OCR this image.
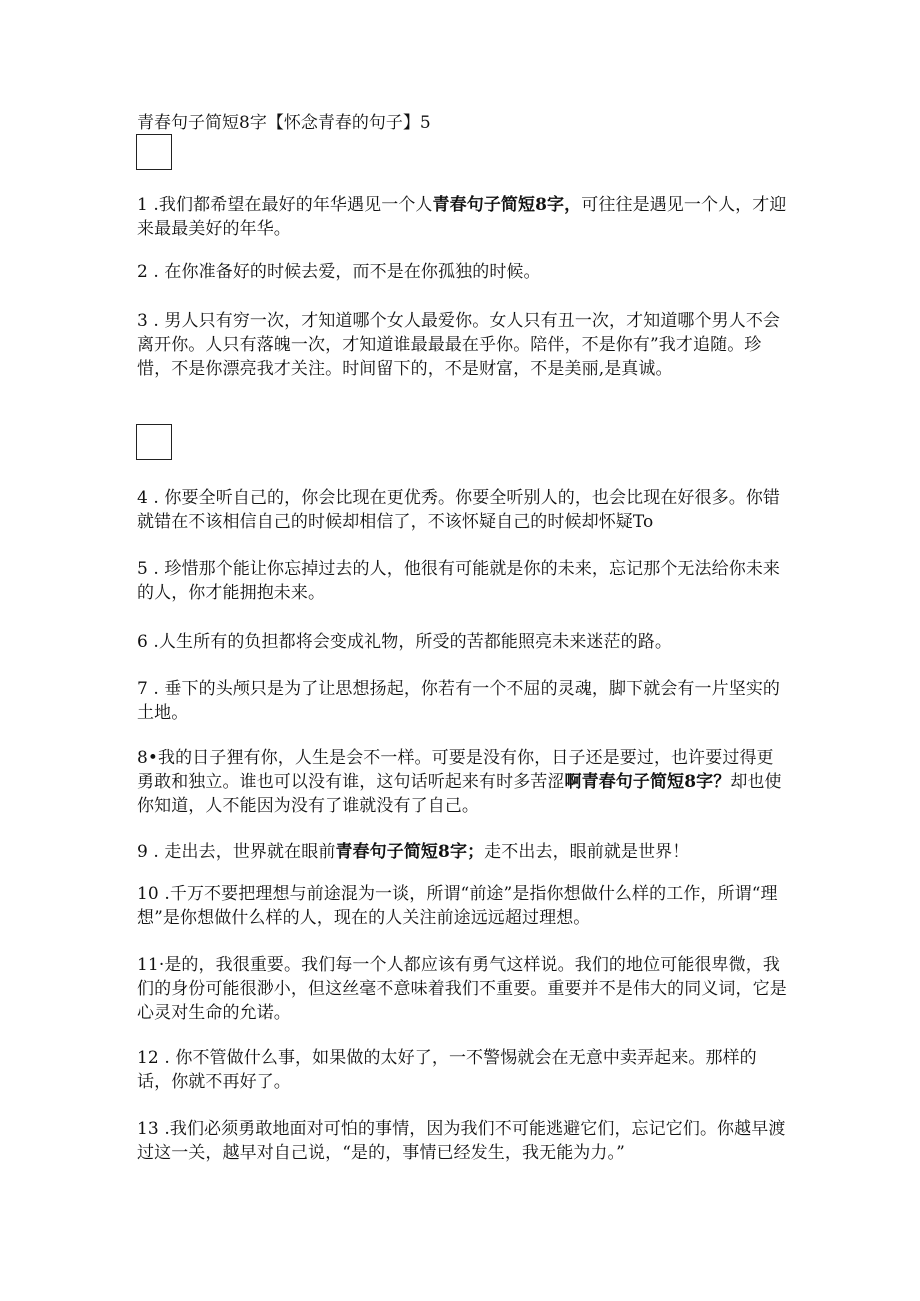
青春句子简短8字【怀念青春的句子】5
1 .我们都希望在最好的年华遇见一个人青春句子简短8字，可往往是遇见一个人，才迎来最最美好的年华。
2 . 在你准备好的时候去爱，而不是在你孤独的时候。
3 . 男人只有穷一次，才知道哪个女人最爱你。女人只有丑一次，才知道哪个男人不会离开你。人只有落魄一次，才知道谁最最最在乎你。陪伴，不是你有”我才追随。珍惜，不是你漂亮我才关注。时间留下的，不是财富，不是美丽,是真诚。
4 . 你要全听自己的，你会比现在更优秀。你要全听别人的，也会比现在好很多。你错就错在不该相信自己的时候却相信了，不该怀疑自己的时候却怀疑To
5 . 珍惜那个能让你忘掉过去的人，他很有可能就是你的未来，忘记那个无法给你未来的人，你才能拥抱未来。
6 .人生所有的负担都将会变成礼物，所受的苦都能照亮未来迷茫的路。
7 . 垂下的头颅只是为了让思想扬起，你若有一个不屈的灵魂，脚下就会有一片坚实的土地。
8•我的日子狸有你，人生是会不一样。可要是没有你，日子还是要过，也许要过得更勇敢和独立。谁也可以没有谁，这句话听起来有时多苦涩啊青春句子简短8字？却也使你知道，人不能因为没有了谁就没有了自己。
9 . 走出去，世界就在眼前青春句子简短8字；走不出去，眼前就是世界！
10 .千万不要把理想与前途混为一谈，所谓“前途”是指你想做什么样的工作，所谓“理想”是你想做什么样的人，现在的人关注前途远远超过理想。
11·是的，我很重要。我们每一个人都应该有勇气这样说。我们的地位可能很卑微，我们的身份可能很渺小，但这丝毫不意味着我们不重要。重要并不是伟大的同义词，它是心灵对生命的允诺。
12 . 你不管做什么事，如果做的太好了，一不警惕就会在无意中卖弄起来。那样的话，你就不再好了。
13 .我们必须勇敢地面对可怕的事情，因为我们不可能逃避它们，忘记它们。你越早渡过这一关，越早对自己说，“是的，事情已经发生，我无能为力。”
